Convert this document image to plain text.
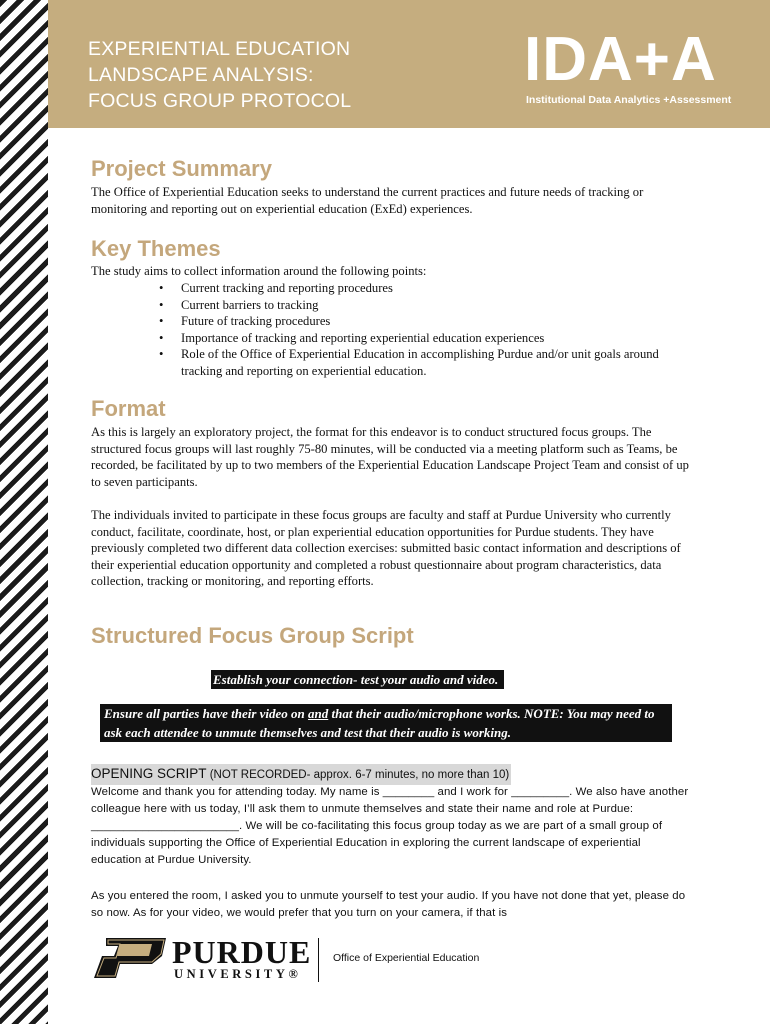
EXPERIENTIAL EDUCATION
LANDSCAPE ANALYSIS:
FOCUS GROUP PROTOCOL
IDA+A
Institutional Data Analytics +Assessment
Project Summary

The Office of Experiential Education seeks to understand the current practices and future needs of tracking or monitoring and reporting out on experiential education (ExEd) experiences.

Key Themes

The study aims to collect information around the following points:

• Current tracking and reporting procedures
• Current barriers to tracking
• Future of tracking procedures
• Importance of tracking and reporting experiential education experiences
• Role of the Office of Experiential Education in accomplishing Purdue and/or unit goals around tracking and reporting on experiential education.
Format

As this is largely an exploratory project, the format for this endeavor is to conduct structured focus groups. The structured focus groups will last roughly 75-80 minutes, will be conducted via a meeting platform such as Teams, be recorded, be facilitated by up to two members of the Experiential Education Landscape Project Team and consist of up to seven participants.

The individuals invited to participate in these focus groups are faculty and staff at Purdue University who currently conduct, facilitate, coordinate, host, or plan experiential education opportunities for Purdue students. They have previously completed two different data collection exercises: submitted basic contact information and descriptions of their experiential education opportunity and completed a robust questionnaire about program characteristics, data collection, tracking or monitoring, and reporting efforts.

Structured Focus Group Script
Establish your connection- test your audio and video.
Ensure all parties have their video on and that their audio/microphone works. NOTE: You may need to ask each attendee to unmute themselves and test that their audio is working.
OPENING SCRIPT (NOT RECORDED- approx. 6-7 minutes, no more than 10)

Welcome and thank you for attending today. My name is ________ and I work for _________. We also have another colleague here with us today, I’ll ask them to unmute themselves and state their name and role at Purdue: _______________________. We will be co-facilitating this focus group today as we are part of a small group of individuals supporting the Office of Experiential Education in exploring the current landscape of experiential education at Purdue University.

As you entered the room, I asked you to unmute yourself to test your audio. If you have not done that yet, please do so now. As for your video, we would prefer that you turn on your camera, if that is

PURDUE
UNIVERSITY®
Office of Experiential Education
